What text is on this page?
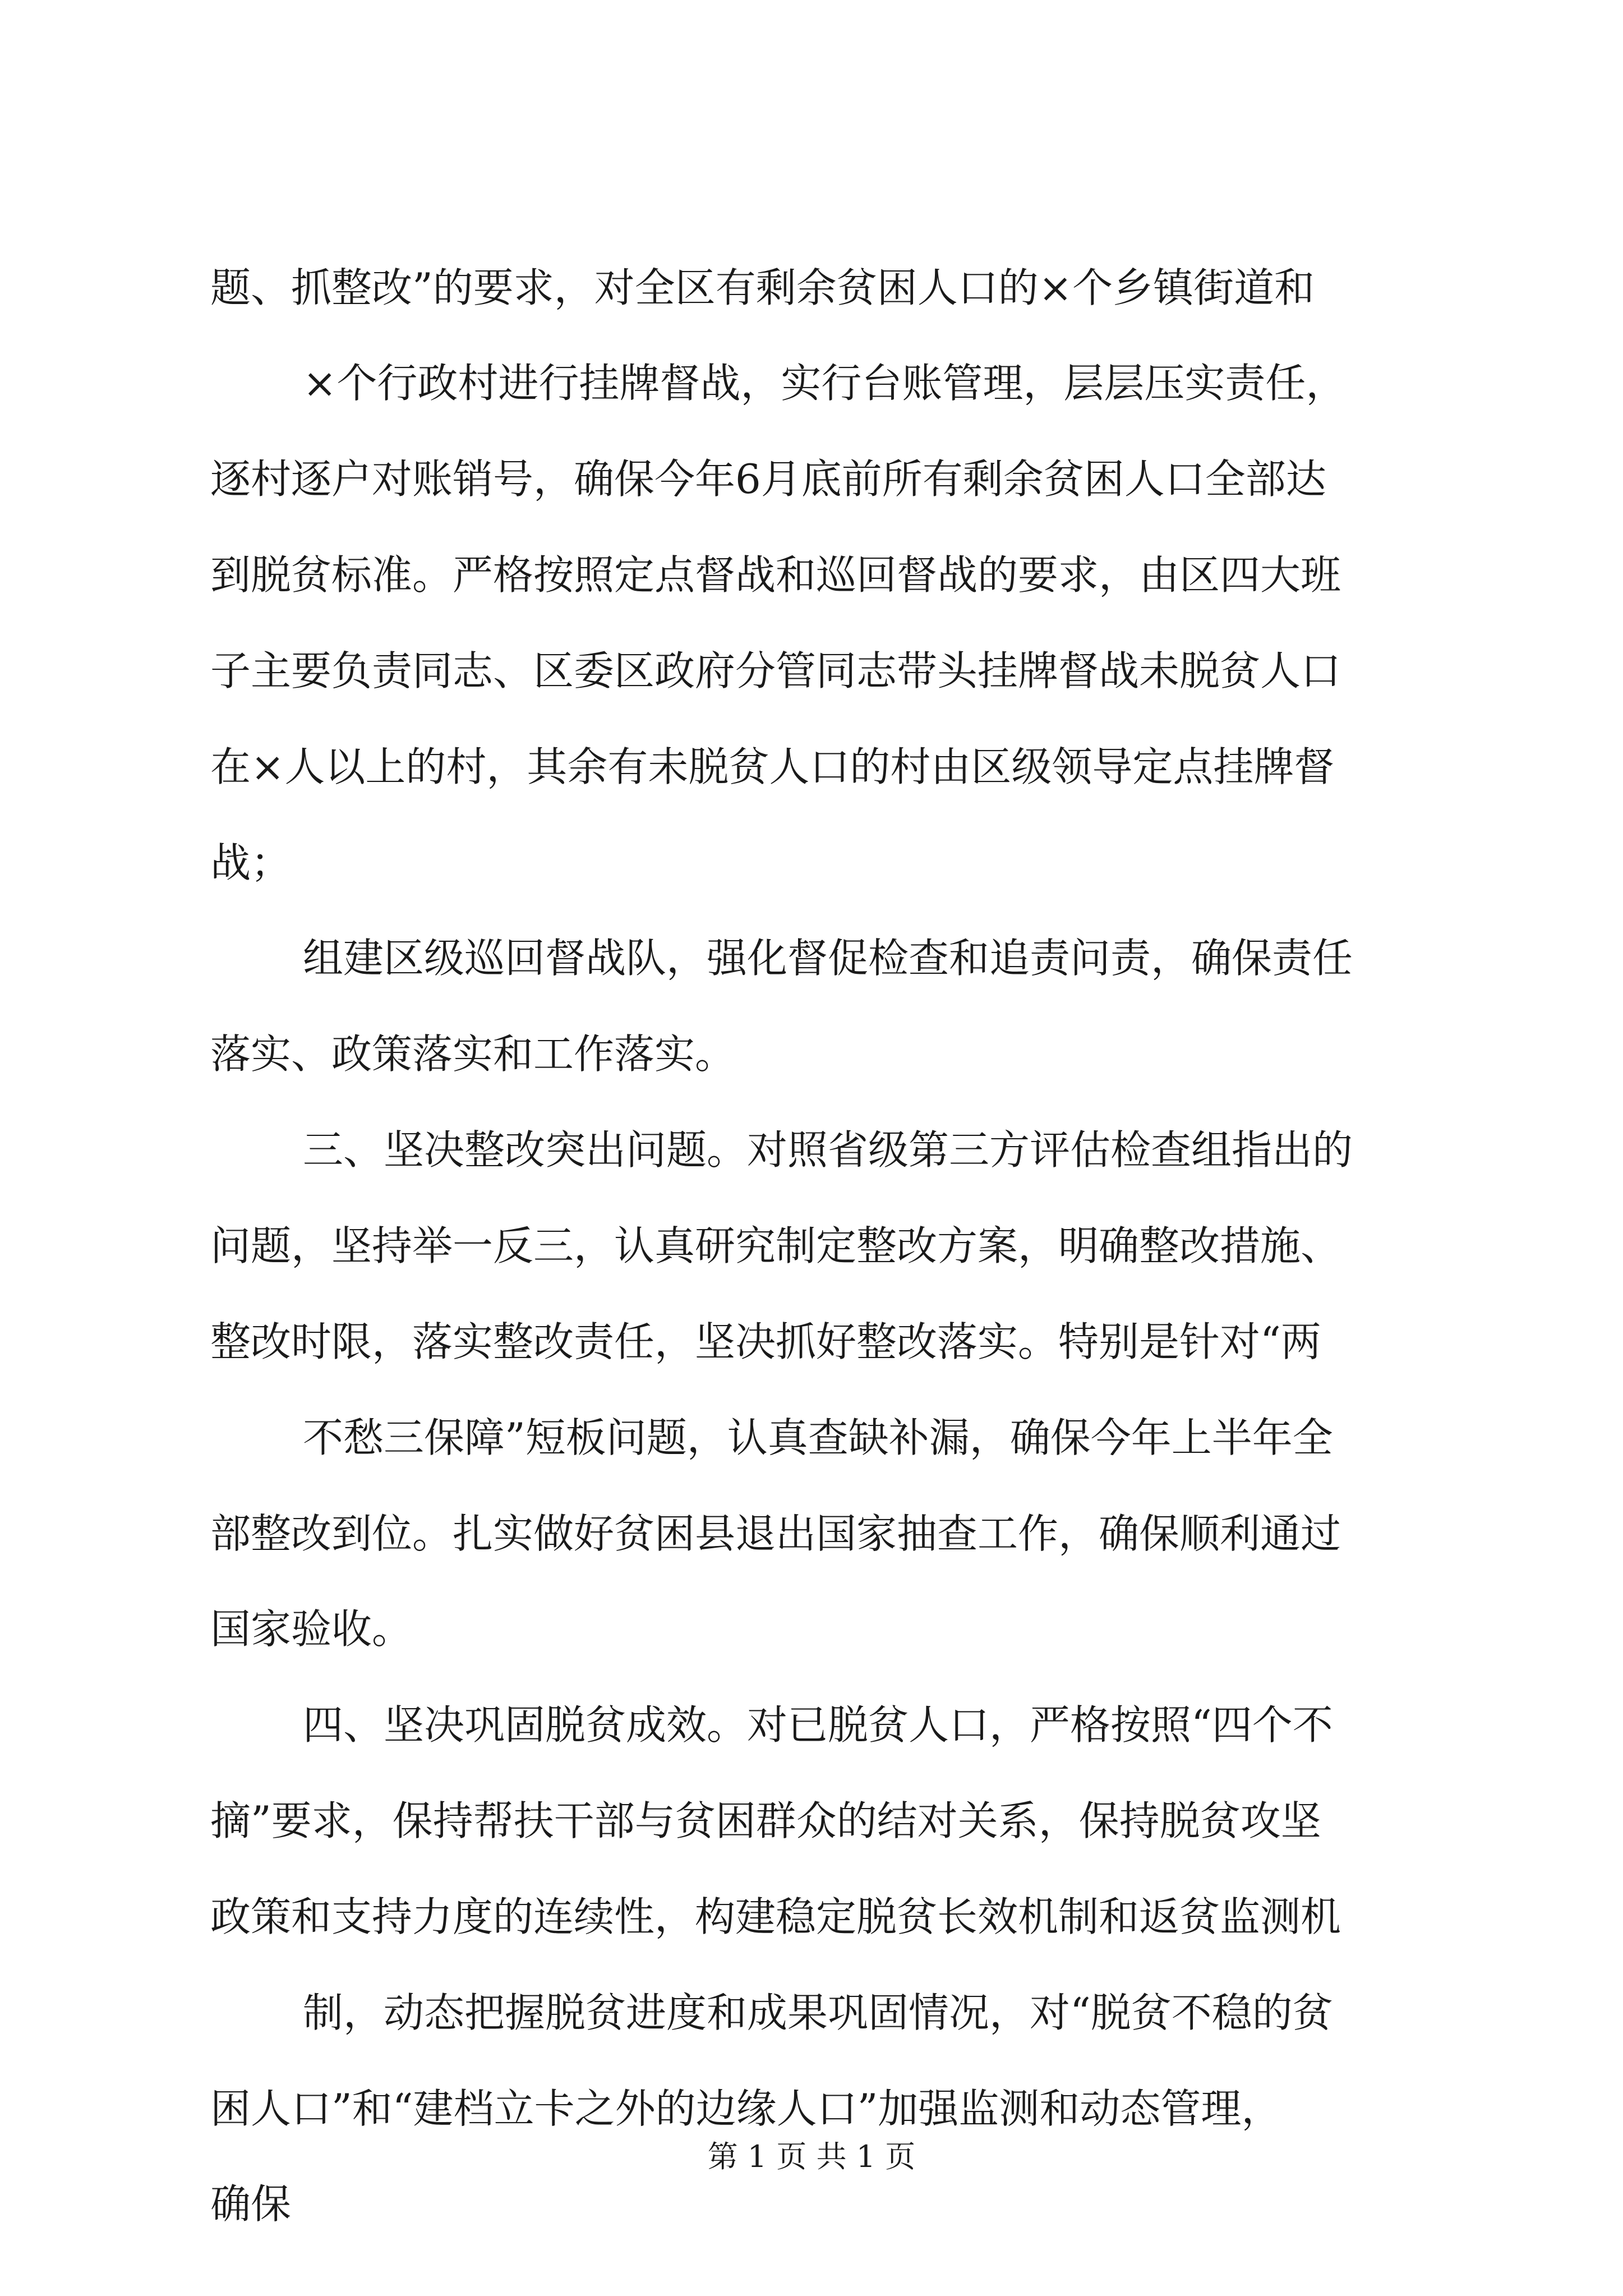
题、抓整改”的要求，对全区有剩余贫困人口的×个乡镇街道和
×个行政村进行挂牌督战，实行台账管理，层层压实责任，
逐村逐户对账销号，确保今年6月底前所有剩余贫困人口全部达
到脱贫标准。严格按照定点督战和巡回督战的要求，由区四大班
子主要负责同志、区委区政府分管同志带头挂牌督战未脱贫人口
在×人以上的村，其余有未脱贫人口的村由区级领导定点挂牌督
战；
组建区级巡回督战队，强化督促检查和追责问责，确保责任
落实、政策落实和工作落实。
三、坚决整改突出问题。对照省级第三方评估检查组指出的
问题，坚持举一反三，认真研究制定整改方案，明确整改措施、
整改时限，落实整改责任，坚决抓好整改落实。特别是针对“两
不愁三保障”短板问题，认真查缺补漏，确保今年上半年全
部整改到位。扎实做好贫困县退出国家抽查工作，确保顺利通过
国家验收。
四、坚决巩固脱贫成效。对已脱贫人口，严格按照“四个不
摘”要求，保持帮扶干部与贫困群众的结对关系，保持脱贫攻坚
政策和支持力度的连续性，构建稳定脱贫长效机制和返贫监测机
制，动态把握脱贫进度和成果巩固情况，对“脱贫不稳的贫
困人口”和“建档立卡之外的边缘人口”加强监测和动态管理，
确保
第 1 页 共 1 页
